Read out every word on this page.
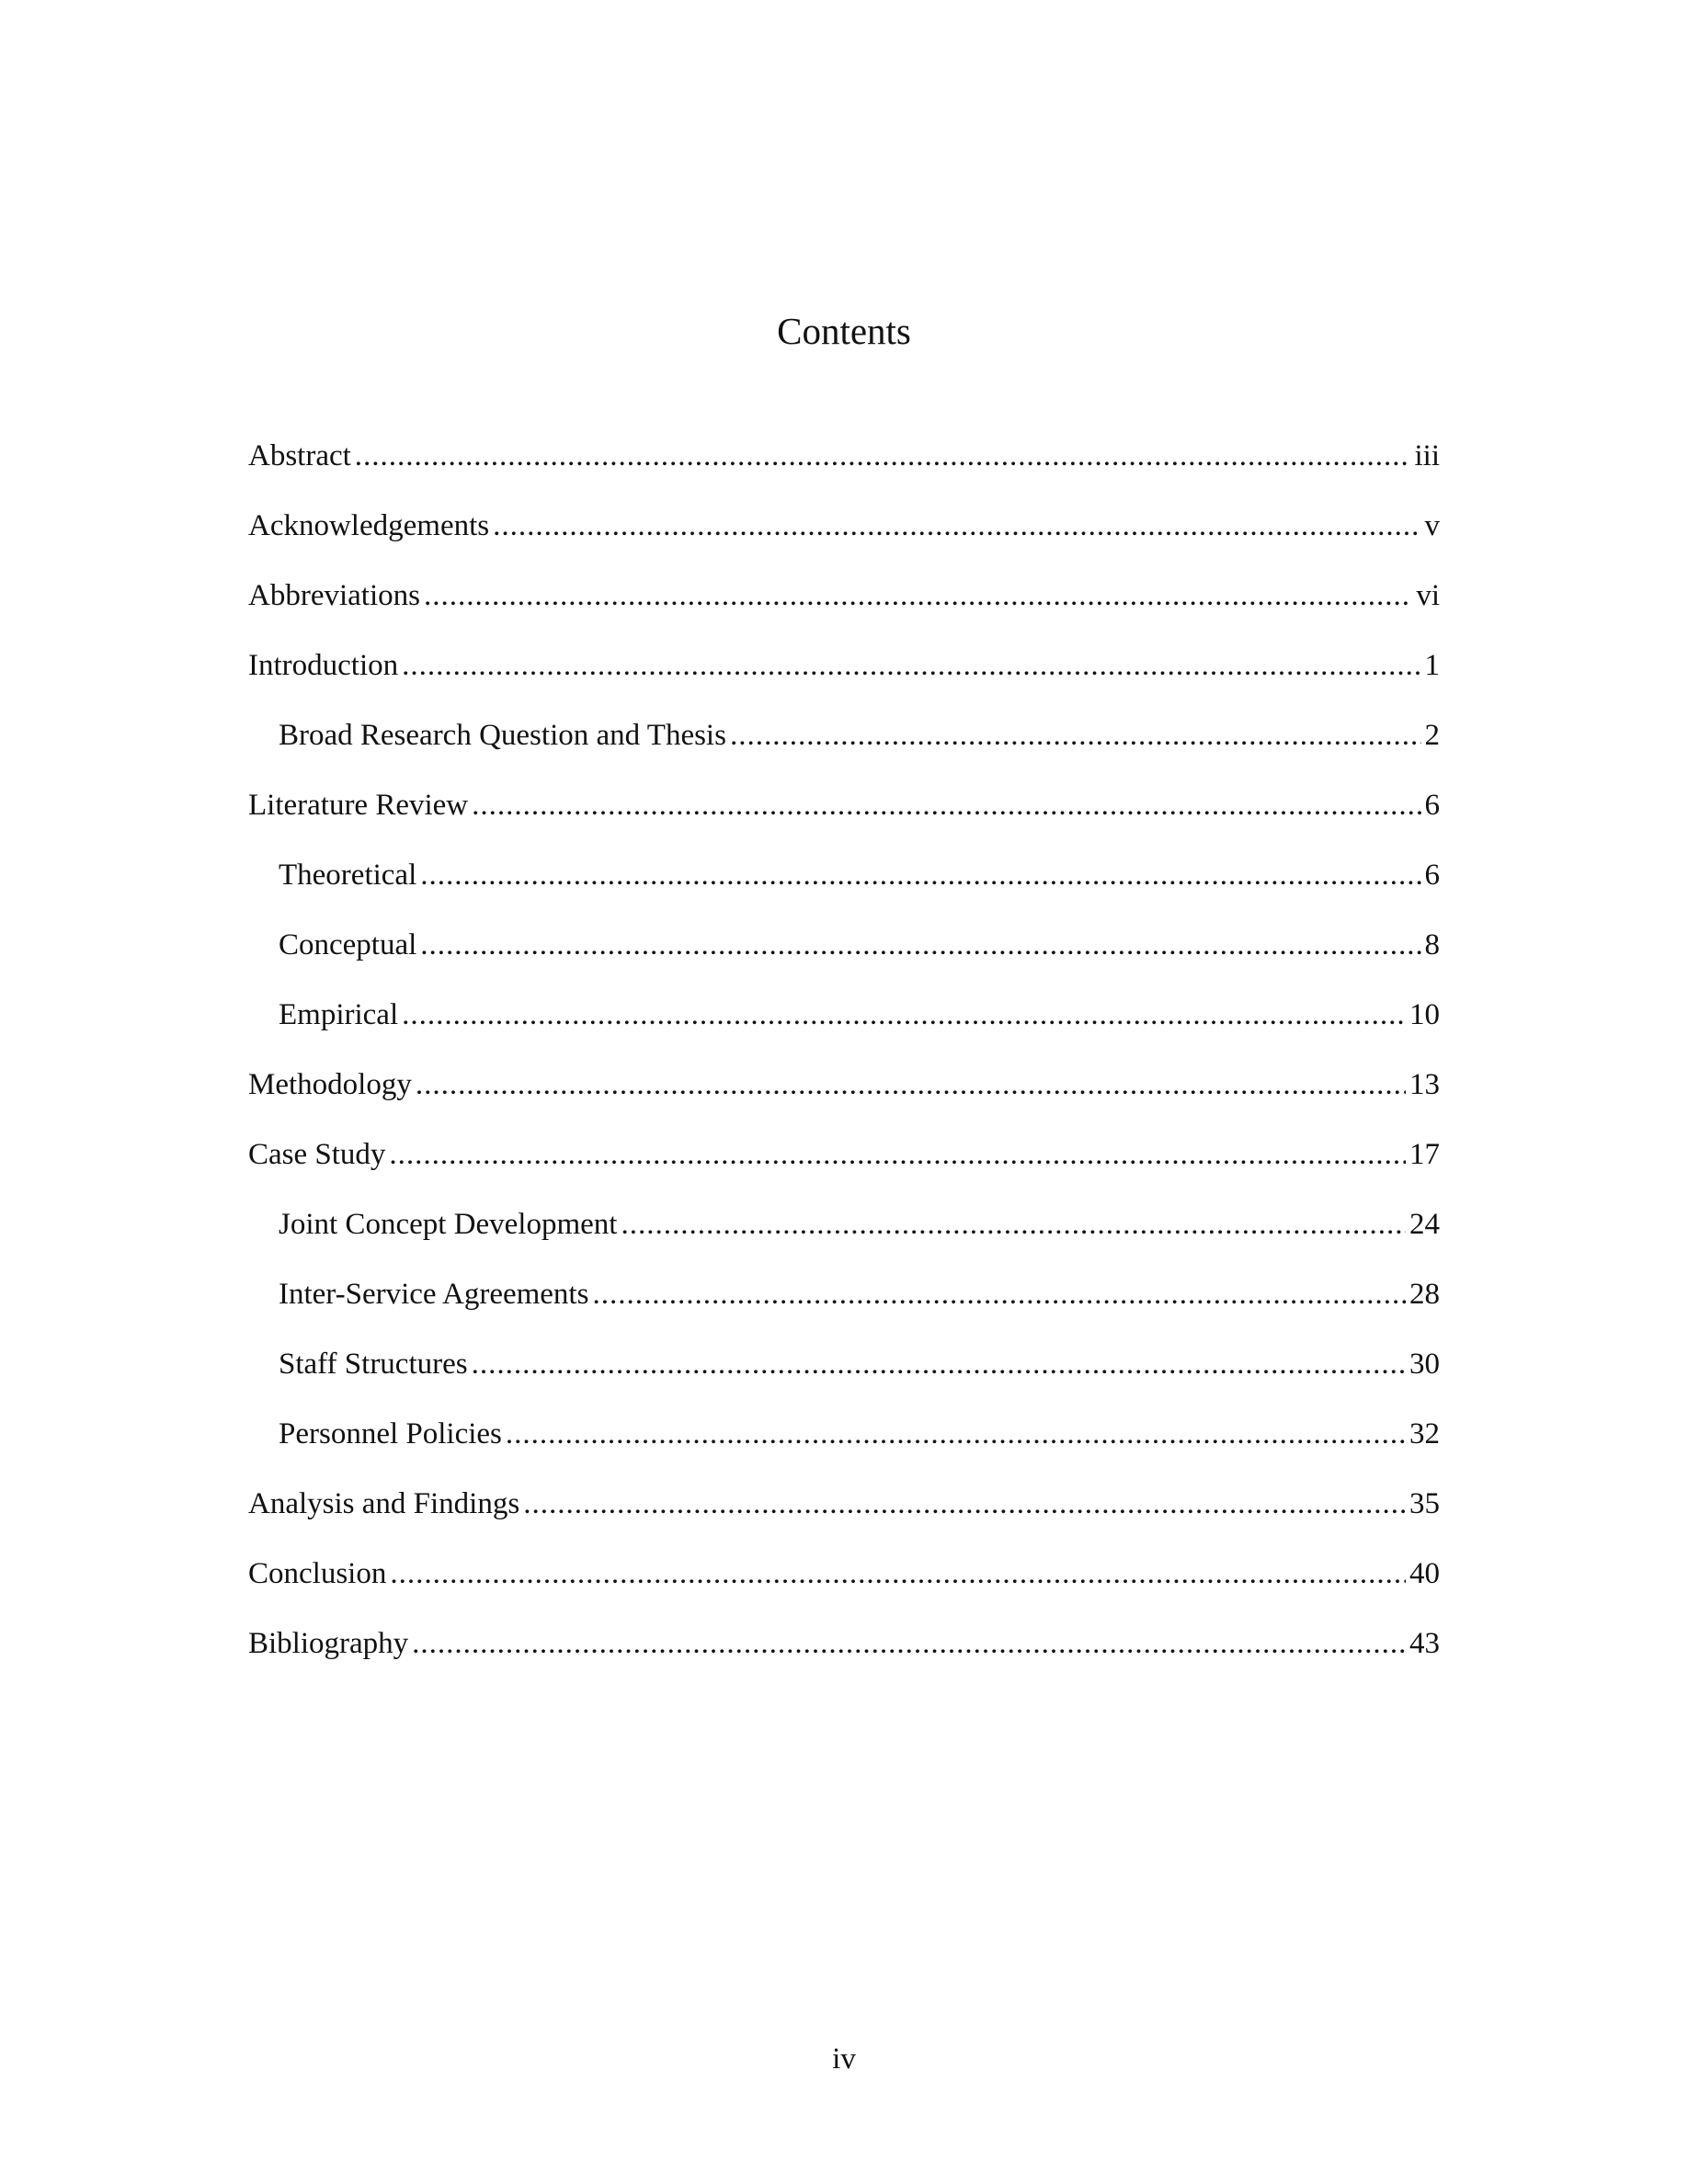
Contents
Abstract .....	iii
Acknowledgements .....	v
Abbreviations .....	vi
Introduction .....	1
Broad Research Question and Thesis .....	2
Literature Review .....	6
Theoretical .....	6
Conceptual .....	8
Empirical .....	10
Methodology .....	13
Case Study .....	17
Joint Concept Development .....	24
Inter-Service Agreements .....	28
Staff Structures .....	30
Personnel Policies .....	32
Analysis and Findings .....	35
Conclusion .....	40
Bibliography .....	43
iv
